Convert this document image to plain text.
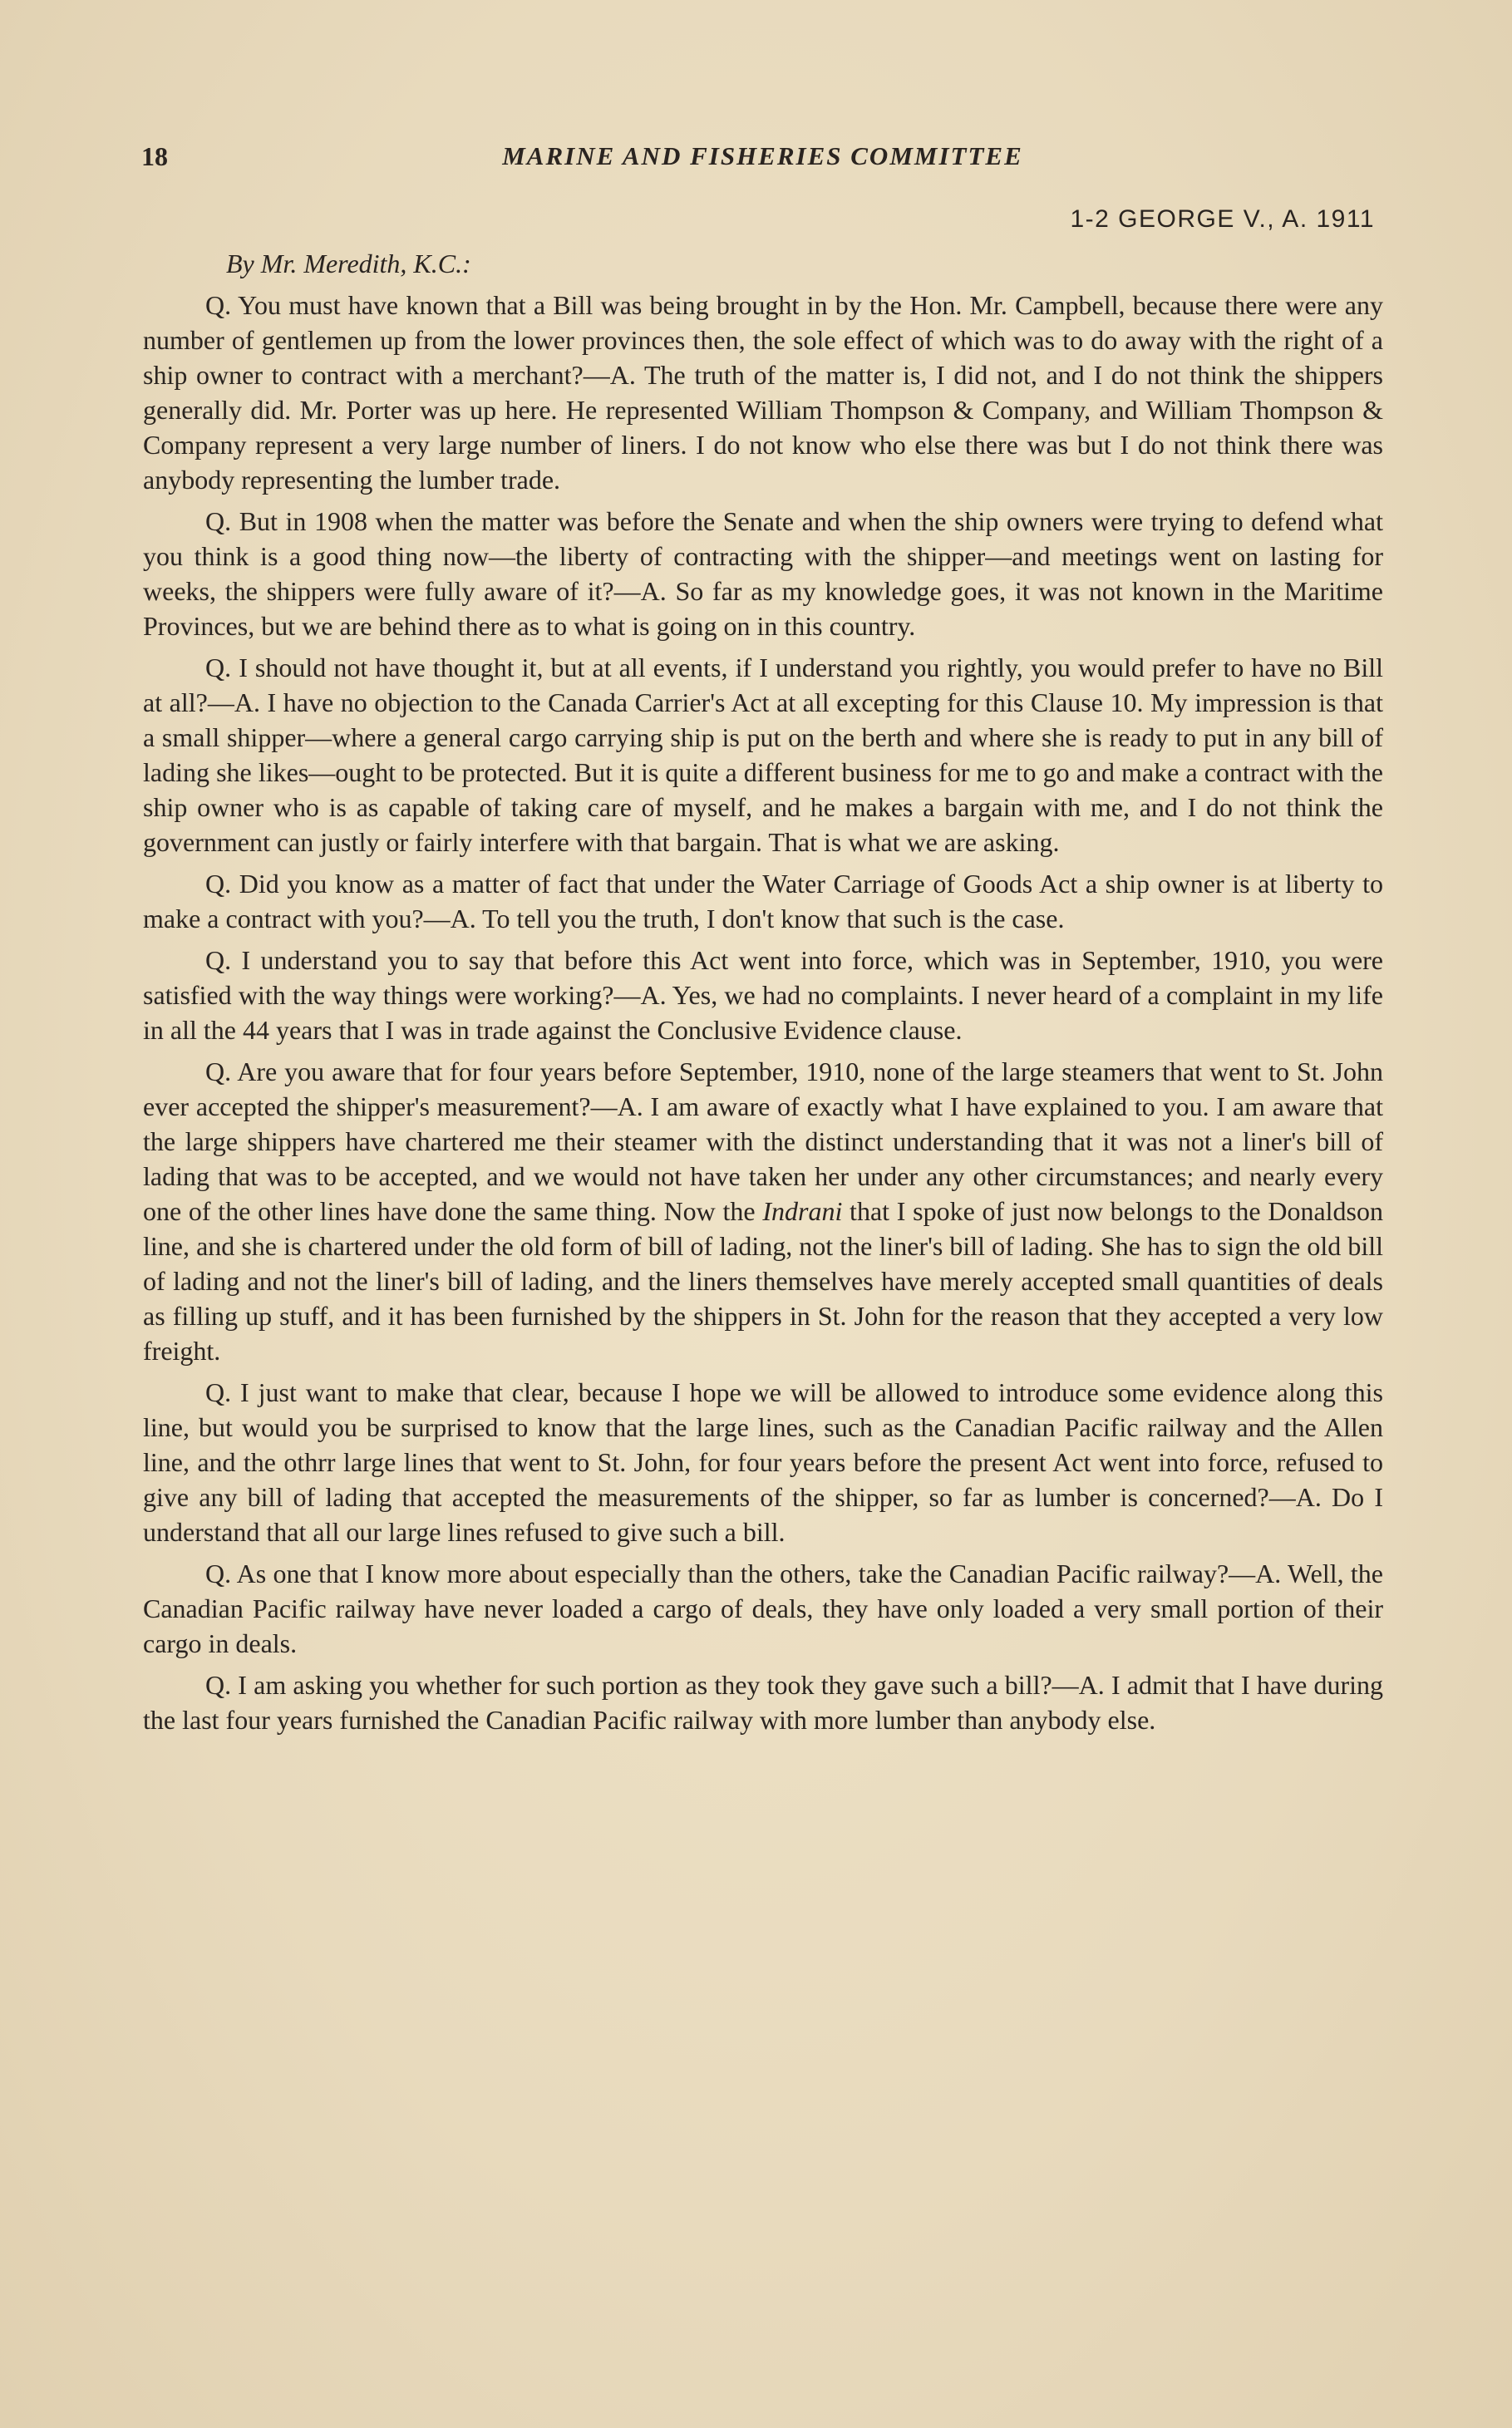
18	MARINE AND FISHERIES COMMITTEE
1-2 GEORGE V., A. 1911

By Mr. Meredith, K.C.:

Q. You must have known that a Bill was being brought in by the Hon. Mr. Campbell, because there were any number of gentlemen up from the lower provinces then, the sole effect of which was to do away with the right of a ship owner to contract with a merchant?—A. The truth of the matter is, I did not, and I do not think the shippers generally did. Mr. Porter was up here. He represented William Thompson & Company, and William Thompson & Company represent a very large number of liners. I do not know who else there was but I do not think there was anybody representing the lumber trade.

Q. But in 1908 when the matter was before the Senate and when the ship owners were trying to defend what you think is a good thing now—the liberty of contracting with the shipper—and meetings went on lasting for weeks, the shippers were fully aware of it?—A. So far as my knowledge goes, it was not known in the Maritime Provinces, but we are behind there as to what is going on in this country.

Q. I should not have thought it, but at all events, if I understand you rightly, you would prefer to have no Bill at all?—A. I have no objection to the Canada Carrier's Act at all excepting for this Clause 10. My impression is that a small shipper—where a general cargo carrying ship is put on the berth and where she is ready to put in any bill of lading she likes—ought to be protected. But it is quite a different business for me to go and make a contract with the ship owner who is as capable of taking care of myself, and he makes a bargain with me, and I do not think the government can justly or fairly interfere with that bargain. That is what we are asking.

Q. Did you know as a matter of fact that under the Water Carriage of Goods Act a ship owner is at liberty to make a contract with you?—A. To tell you the truth, I don't know that such is the case.

Q. I understand you to say that before this Act went into force, which was in September, 1910, you were satisfied with the way things were working?—A. Yes, we had no complaints. I never heard of a complaint in my life in all the 44 years that I was in trade against the Conclusive Evidence clause.

Q. Are you aware that for four years before September, 1910, none of the large steamers that went to St. John ever accepted the shipper's measurement?—A. I am aware of exactly what I have explained to you. I am aware that the large shippers have chartered me their steamer with the distinct understanding that it was not a liner's bill of lading that was to be accepted, and we would not have taken her under any other circumstances; and nearly every one of the other lines have done the same thing. Now the Indrani that I spoke of just now belongs to the Donaldson line, and she is chartered under the old form of bill of lading, not the liner's bill of lading. She has to sign the old bill of lading and not the liner's bill of lading, and the liners themselves have merely accepted small quantities of deals as filling up stuff, and it has been furnished by the shippers in St. John for the reason that they accepted a very low freight.

Q. I just want to make that clear, because I hope we will be allowed to introduce some evidence along this line, but would you be surprised to know that the large lines, such as the Canadian Pacific railway and the Allen line, and the othrr large lines that went to St. John, for four years before the present Act went into force, refused to give any bill of lading that accepted the measurements of the shipper, so far as lumber is concerned?—A. Do I understand that all our large lines refused to give such a bill.

Q. As one that I know more about especially than the others, take the Canadian Pacific railway?—A. Well, the Canadian Pacific railway have never loaded a cargo of deals, they have only loaded a very small portion of their cargo in deals.

Q. I am asking you whether for such portion as they took they gave such a bill?—A. I admit that I have during the last four years furnished the Canadian Pacific railway with more lumber than anybody else.
